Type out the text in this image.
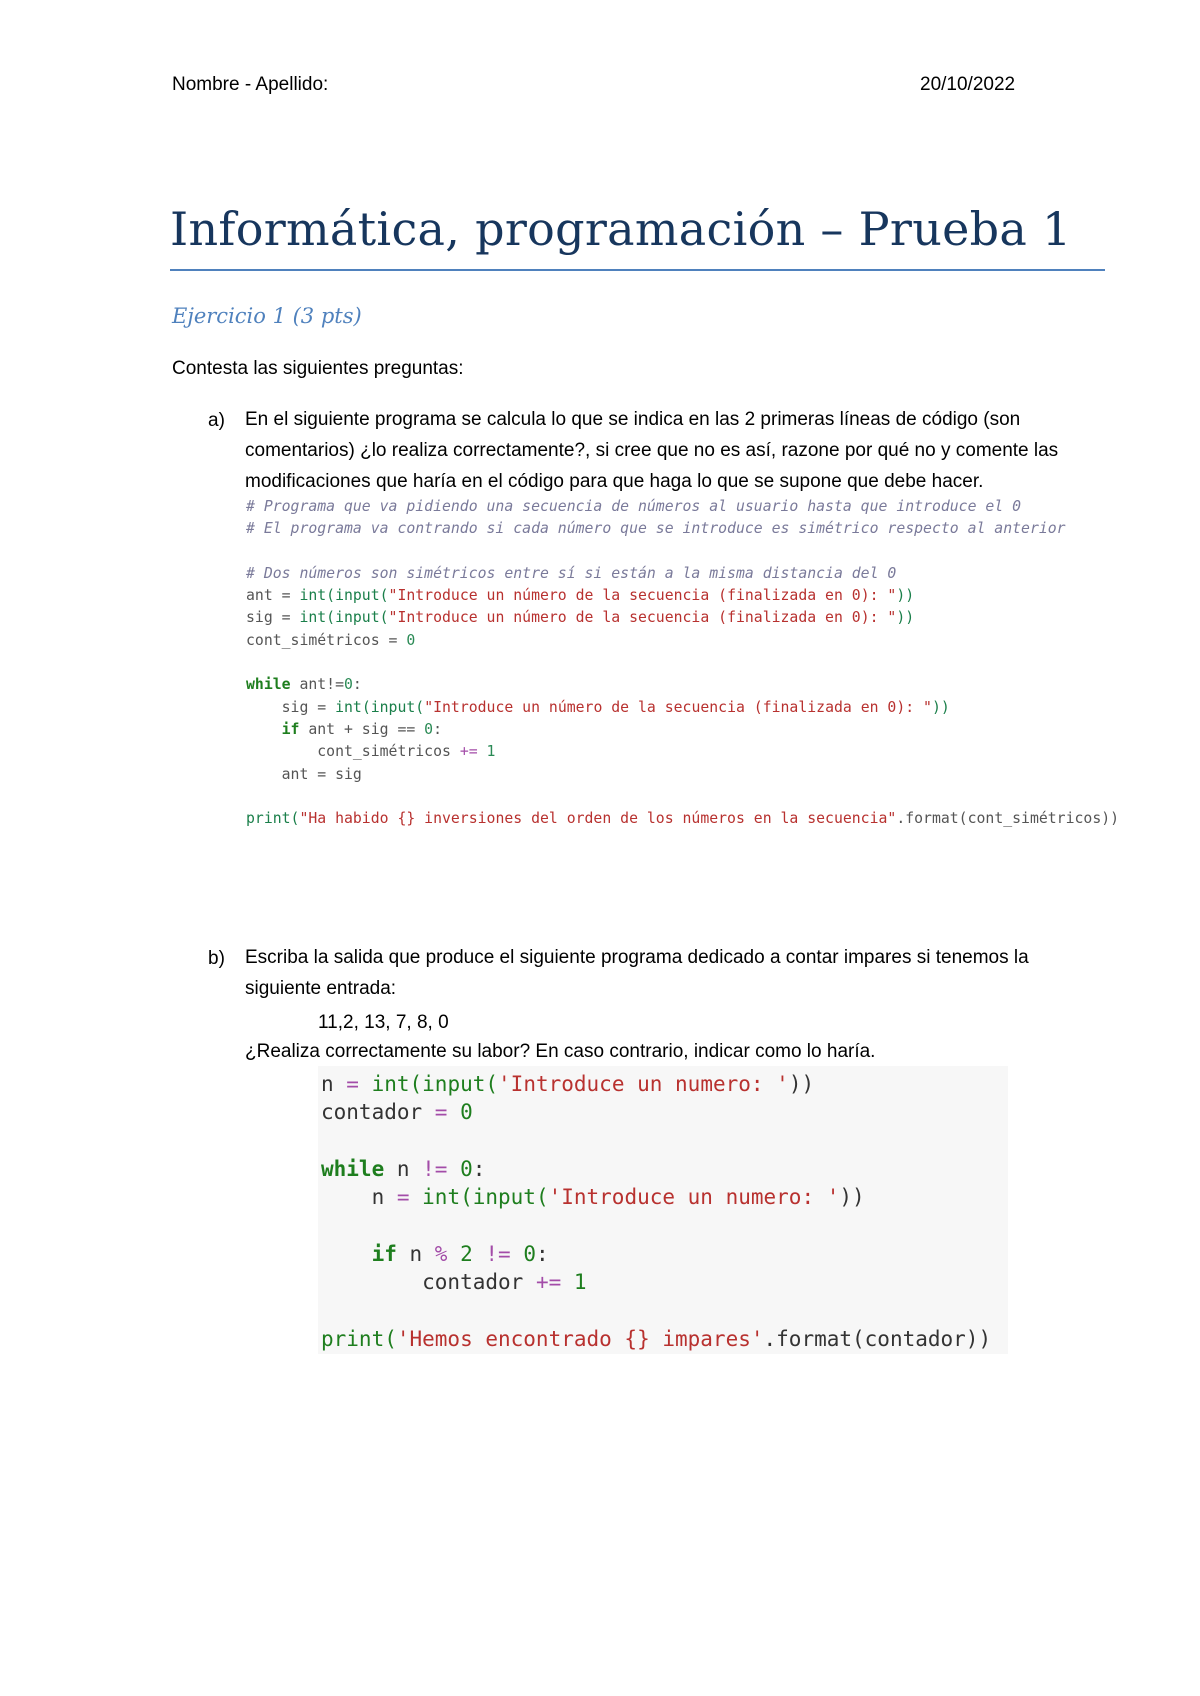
Nombre - Apellido:	20/10/2022
Informática, programación – Prueba 1
Ejercicio 1 (3 pts)
Contesta las siguientes preguntas:
a) En el siguiente programa se calcula lo que se indica en las 2 primeras líneas de código (son comentarios) ¿lo realiza correctamente?, si cree que no es así, razone por qué no y comente las modificaciones que haría en el código para que haga lo que se supone que debe hacer.
# Programa que va pidiendo una secuencia de números al usuario hasta que introduce el 0
# El programa va contrando si cada número que se introduce es simétrico respecto al anterior

# Dos números son simétricos entre sí si están a la misma distancia del 0
ant = int(input("Introduce un número de la secuencia (finalizada en 0): "))
sig = int(input("Introduce un número de la secuencia (finalizada en 0): "))
cont_simétricos = 0

while ant!=0:
sig = int(input("Introduce un número de la secuencia (finalizada en 0): "))
if ant + sig == 0:
cont_simétricos += 1
ant = sig

print("Ha habido {} inversiones del orden de los números en la secuencia".format(cont_simétricos))
b) Escriba la salida que produce el siguiente programa dedicado a contar impares si tenemos la siguiente entrada:
11,2, 13, 7, 8, 0
¿Realiza correctamente su labor? En caso contrario, indicar como lo haría.
n = int(input('Introduce un numero: '))
contador = 0

while n != 0:
n = int(input('Introduce un numero: '))

if n % 2 != 0:
contador += 1

print('Hemos encontrado {} impares'.format(contador))
